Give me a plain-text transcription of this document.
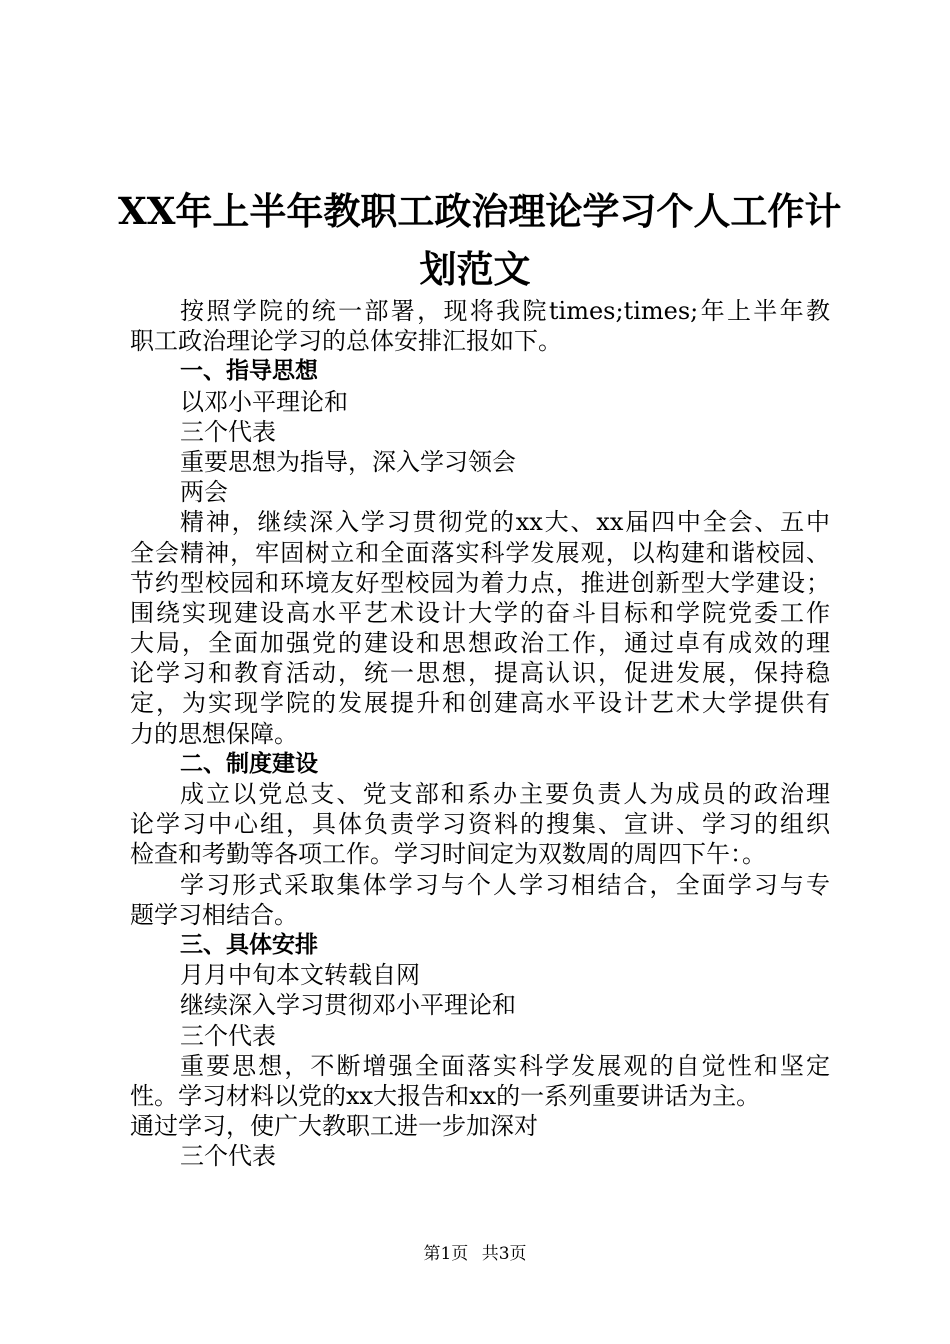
XX年上半年教职工政治理论学习个人工作计
划范文
按照学院的统一部署，现将我院times;times;年上半年教
职工政治理论学习的总体安排汇报如下。
一、指导思想
以邓小平理论和
三个代表
重要思想为指导，深入学习领会
两会
精神，继续深入学习贯彻党的xx大、xx届四中全会、五中
全会精神，牢固树立和全面落实科学发展观，以构建和谐校园、
节约型校园和环境友好型校园为着力点，推进创新型大学建设；
围绕实现建设高水平艺术设计大学的奋斗目标和学院党委工作
大局，全面加强党的建设和思想政治工作，通过卓有成效的理
论学习和教育活动，统一思想，提高认识，促进发展，保持稳
定，为实现学院的发展提升和创建高水平设计艺术大学提供有
力的思想保障。
二、制度建设
成立以党总支、党支部和系办主要负责人为成员的政治理
论学习中心组，具体负责学习资料的搜集、宣讲、学习的组织
检查和考勤等各项工作。学习时间定为双数周的周四下午：。
学习形式采取集体学习与个人学习相结合，全面学习与专
题学习相结合。
三、具体安排
月月中旬本文转载自网
继续深入学习贯彻邓小平理论和
三个代表
重要思想，不断增强全面落实科学发展观的自觉性和坚定
性。学习材料以党的xx大报告和xx的一系列重要讲话为主。
通过学习，使广大教职工进一步加深对
三个代表
第1页 共3页
